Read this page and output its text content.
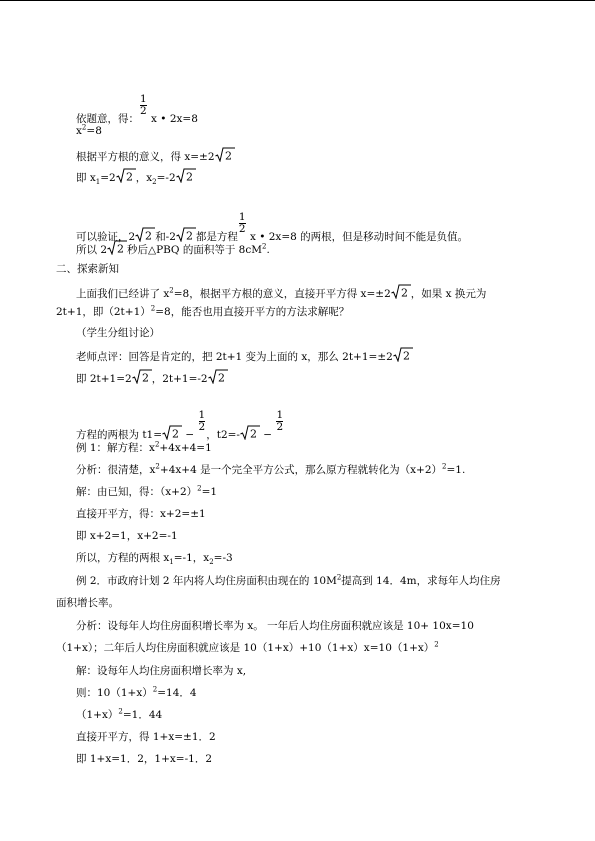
依题意，得：
$\frac{1}{2}$
x • 2x=8
$x^2=8$
根据平方根的意义，得 x=±2 2
即 $x_1=2$ 2 ，$x_2=-2$ 2
可以验证，2 2 和-2 2 都是方程
$\frac{1}{2}$
x • 2x=8 的两根，但是移动时间不能是负值。
所以 2 2 秒后△PBQ 的面积等于 $8cM^2$.
二、探索新知
上面我们已经讲了 $x^2=8$，根据平方根的意义，直接开平方得 x=±2 2 ，如果 x 换元为
2t+1，即$(2t+1)^2=8$，能否也用直接开平方的方法求解呢？
（学生分组讨论）
老师点评：回答是肯定的，把 2t+1 变为上面的 x，那么 2t+1=±2 2
即 2t+1=2 2 ，2t+1=-2 2
方程的两根为 t1= 2 −
$\frac{1}{2}$
，t2=- 2 −
$\frac{1}{2}$
例 1：解方程：$x^2+4x+4=1$
分析：很清楚，$x^2+4x+4$ 是一个完全平方公式，那么原方程就转化为$(x+2)^2=1$.
解：由已知，得：$(x+2)^2=1$
直接开平方，得：x+2=±1
即 x+2=1，x+2=-1
所以，方程的两根 $x_1=-1$，$x_2=-3$
例 2．市政府计划 2 年内将人均住房面积由现在的 $10M^2$提高到 14．4m，求每年人均住房
面积增长率。
分析：设每年人均住房面积增长率为 x。 一年后人均住房面积就应该是 10+ 10x=10
（1+x）；二年后人均住房面积就应该是 $10(1+x)+10(1+x)x=10(1+x)^2$
解：设每年人均住房面积增长率为 x,
则：$10(1+x)^2=14$．4
$(1+x)^2=1$．44
直接开平方，得 1+x=±1．2
即 1+x=1．2，1+x=-1．2
